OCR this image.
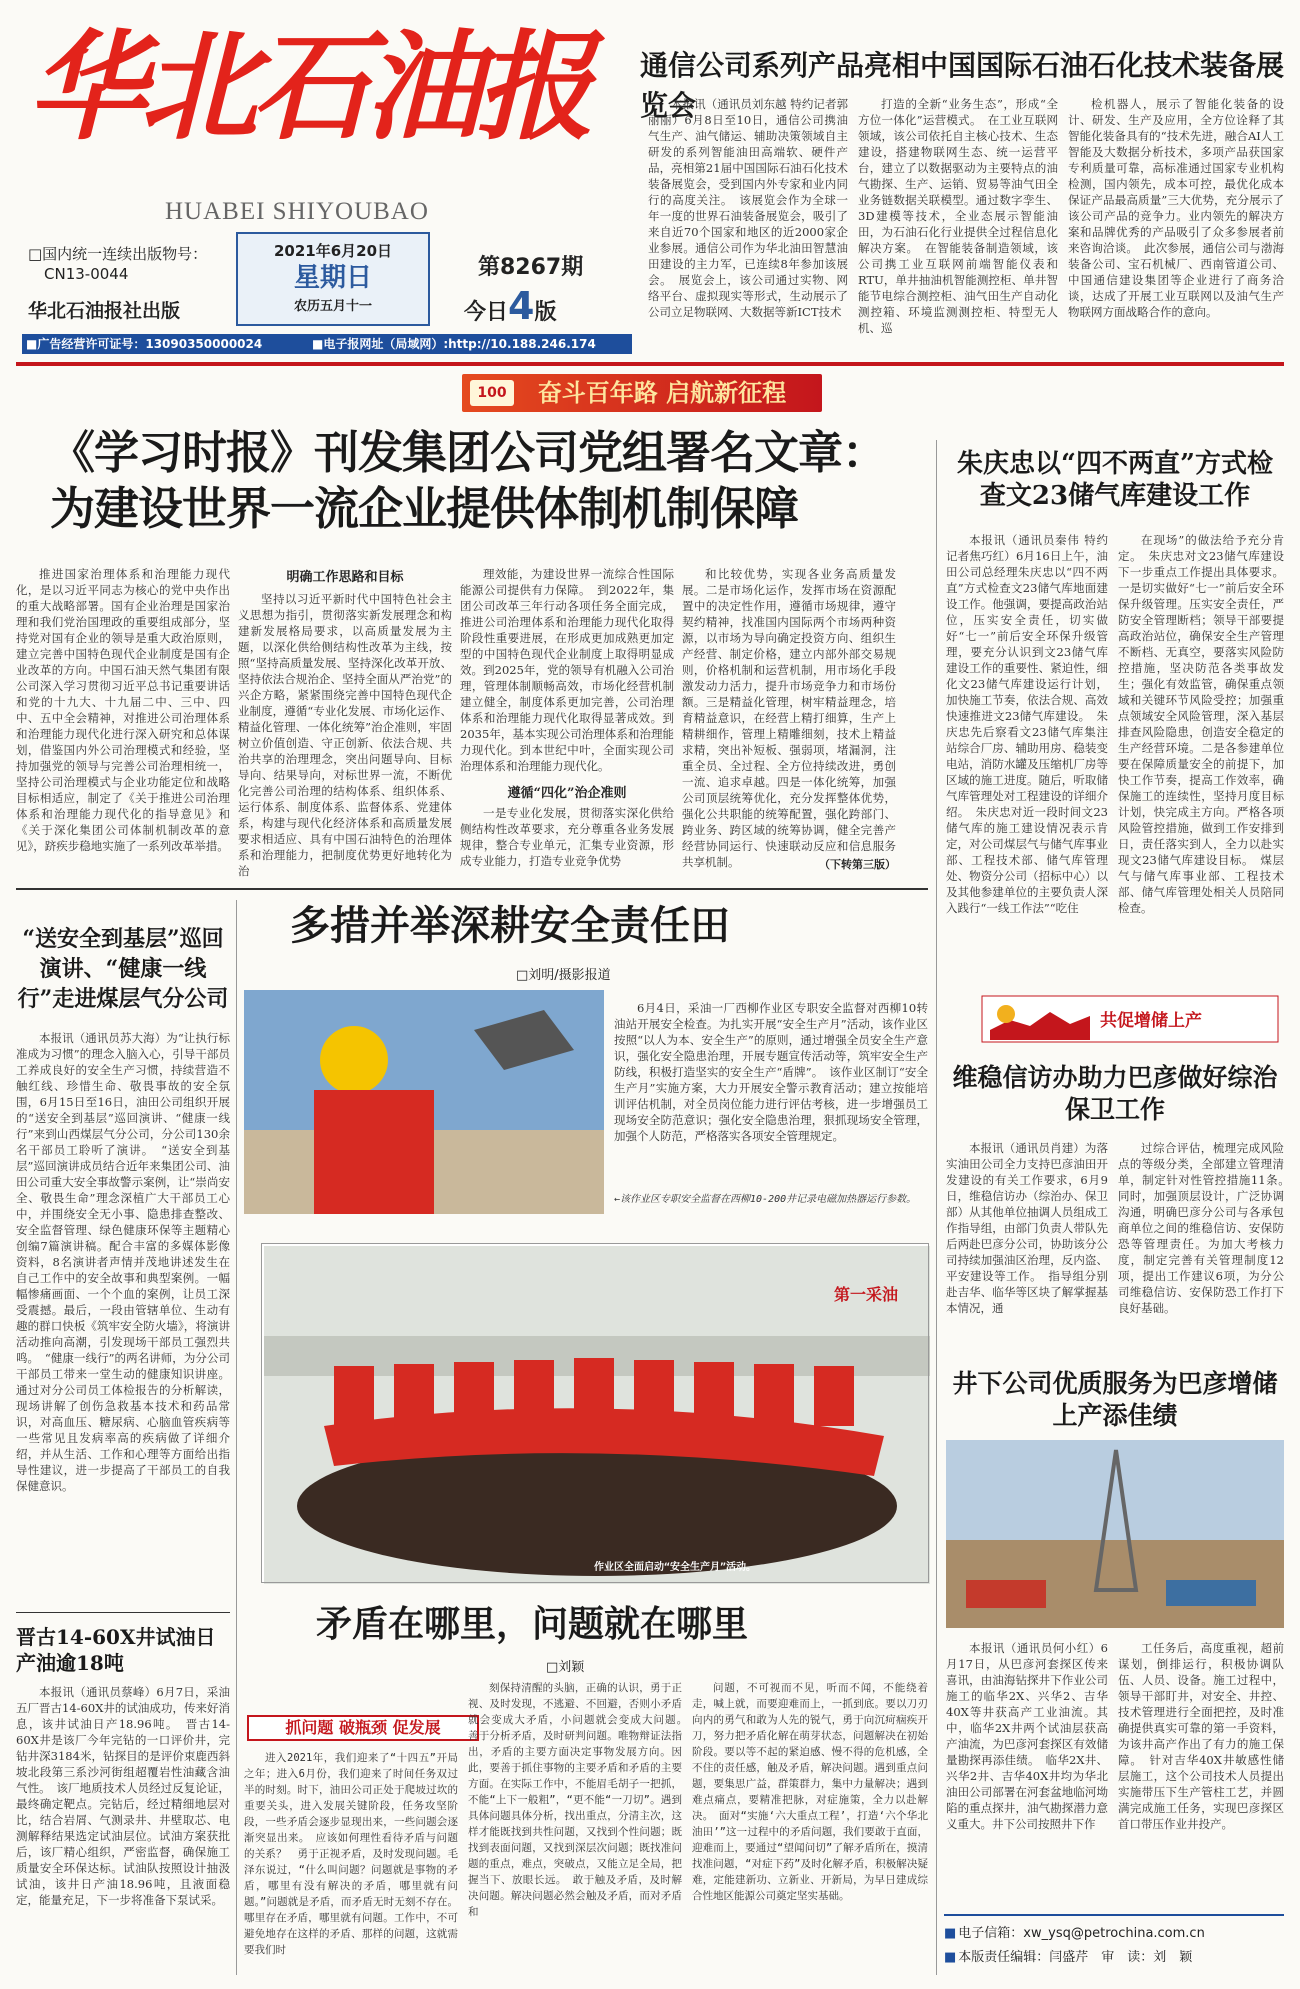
华北石油报
HUABEI SHIYOUBAO
□国内统一连续出版物号：
CN13-0044
华北石油报社出版
2021年6月20日
星期日
农历五月十一
第8267期
今日4版
■广告经营许可证号：13090350000024	■电子报网址（局域网）:http://10.188.246.174
通信公司系列产品亮相中国国际石油石化技术装备展览会

本报讯（通讯员刘东越 特约记者郭丽丽）6月8日至10日，通信公司携油气生产、油气储运、辅助决策领域自主研发的系列智能油田高端软、硬件产品，亮相第21届中国国际石油石化技术装备展览会，受到国内外专家和业内同行的高度关注。　该展览会作为全球一年一度的世界石油装备展览会，吸引了来自近70个国家和地区的近2000家企业参展。通信公司作为华北油田智慧油田建设的主力军，已连续8年参加该展会。　展览会上，该公司通过实物、网络平台、虚拟现实等形式，生动展示了公司立足物联网、大数据等新ICT技术

打造的全新“业务生态”，形成“全方位一体化”运营模式。　在工业互联网领域，该公司依托自主核心技术、生态建设，搭建物联网生态、统一运营平台，建立了以数据驱动为主要特点的油气勘探、生产、运销、贸易等油气田全业务链数据关联模型。通过数字孪生、3D建模等技术，全业态展示智能油田，为石油石化行业提供全过程信息化解决方案。　在智能装备制造领域，该公司携工业互联网前端智能仪表和RTU，单井抽油机智能测控柜、单井智能节电综合测控柜、油气田生产自动化测控箱、环境监测测控柜、特型无人机、巡

检机器人，展示了智能化装备的设计、研发、生产及应用，全方位诠释了其智能化装备具有的“技术先进，融合AI人工智能及大数据分析技术，多项产品获国家专利质量可靠，高标准通过国家专业机构检测，国内领先，成本可控，最优化成本保证产品最高质量”三大优势，充分展示了该公司产品的竞争力。业内领先的解决方案和品牌优秀的产品吸引了众多参展者前来咨询洽谈。　此次参展，通信公司与渤海装备公司、宝石机械厂、西南管道公司、中国通信建设集团等企业进行了商务洽谈，达成了开展工业互联网以及油气生产物联网方面战略合作的意向。

奋斗百年路 启航新征程
100
《学习时报》刊发集团公司党组署名文章：
为建设世界一流企业提供体制机制保障

推进国家治理体系和治理能力现代化，是以习近平同志为核心的党中央作出的重大战略部署。国有企业治理是国家治理和我们党治国理政的重要组成部分，坚持党对国有企业的领导是重大政治原则，建立完善中国特色现代企业制度是国有企业改革的方向。中国石油天然气集团有限公司深入学习贯彻习近平总书记重要讲话和党的十九大、十九届二中、三中、四中、五中全会精神，对推进公司治理体系和治理能力现代化进行深入研究和总体谋划，借鉴国内外公司治理模式和经验，坚持加强党的领导与完善公司治理相统一，坚持公司治理模式与企业功能定位和战略目标相适应，制定了《关于推进公司治理体系和治理能力现代化的指导意见》和《关于深化集团公司体制机制改革的意见》，跻疾步稳地实施了一系列改革举措。

明确工作思路和目标

坚持以习近平新时代中国特色社会主义思想为指引，贯彻落实新发展理念和构建新发展格局要求，以高质量发展为主题，以深化供给侧结构性改革为主线，按照“坚持高质量发展、坚持深化改革开放、坚持依法合规治企、坚持全面从严治党”的兴企方略，紧紧围绕完善中国特色现代企业制度，遵循“专业化发展、市场化运作、精益化管理、一体化统筹”治企准则，牢固树立价值创造、守正创新、依法合规、共治共享的治理理念，突出问题导向、目标导向、结果导向，对标世界一流，不断优化完善公司治理的结构体系、组织体系、运行体系、制度体系、监督体系、党建体系，构建与现代化经济体系和高质量发展要求相适应、具有中国石油特色的治理体系和治理能力，把制度优势更好地转化为治

理效能，为建设世界一流综合性国际能源公司提供有力保障。　到2022年，集团公司改革三年行动各项任务全面完成，推进公司治理体系和治理能力现代化取得阶段性重要进展，在形成更加成熟更加定型的中国特色现代企业制度上取得明显成效。到2025年，党的领导有机融入公司治理，管理体制顺畅高效，市场化经营机制建立健全，制度体系更加完善，公司治理体系和治理能力现代化取得显著成效。到2035年，基本实现公司治理体系和治理能力现代化。到本世纪中叶，全面实现公司治理体系和治理能力现代化。

遵循“四化”治企准则

一是专业化发展，贯彻落实深化供给侧结构性改革要求，充分尊重各业务发展规律，整合专业单元，汇集专业资源，形成专业能力，打造专业竞争优势

和比较优势，实现各业务高质量发展。二是市场化运作，发挥市场在资源配置中的决定性作用，遵循市场规律，遵守契约精神，找准国内国际两个市场两种资源，以市场为导向确定投资方向、组织生产经营、制定价格，建立内部外部交易规则，价格机制和运营机制，用市场化手段激发动力活力，提升市场竞争力和市场份额。三是精益化管理，树牢精益理念，培育精益意识，在经营上精打细算，生产上精耕细作，管理上精雕细刻，技术上精益求精，突出补短板、强弱项，堵漏洞，注重全员、全过程、全方位持续改进，勇创一流、追求卓越。四是一体化统筹，加强公司顶层统筹优化，充分发挥整体优势，强化公共职能的统筹配置，强化跨部门、跨业务、跨区域的统筹协调，健全完善产经营协同运行、快速联动反应和信息服务共享机制。	（下转第三版）
朱庆忠以“四不两直”方式检查文23储气库建设工作

本报讯（通讯员秦伟 特约记者焦巧红）6月16日上午，油田公司总经理朱庆忠以“四不两直”方式检查文23储气库地面建设工作。他强调，要提高政治站位，压实安全责任，切实做好“七一”前后安全环保升级管理，要充分认识到文23储气库建设工作的重要性、紧迫性，细化文23储气库建设运行计划，加快施工节奏，依法合规、高效快速推进文23储气库建设。　朱庆忠先后察看文23储气库集注站综合厂房、辅助用房、稳装变电站，消防水罐及压缩机厂房等区域的施工进度。随后，听取储气库管理处对工程建设的详细介绍。　朱庆忠对近一段时间文23储气库的施工建设情况表示肯定，对公司煤层气与储气库事业部、工程技术部、储气库管理处、物资分公司（招标中心）以及其他参建单位的主要负责人深入践行“一线工作法”“吃住

在现场”的做法给予充分肯定。　朱庆忠对文23储气库建设下一步重点工作提出具体要求。一是切实做好“七一”前后安全环保升级管理。压实安全责任，严防安全管理断档；领导干部要提高政治站位，确保安全生产管理不断档、无真空，要落实风险防控措施，坚决防范各类事故发生；强化有效监管，确保重点领域和关键环节风险受控；加强重点领域安全风险管理，深入基层排查风险隐患，创造安全稳定的生产经营环境。二是各参建单位要在保障质量安全的前提下，加快工作节奏，提高工作效率，确保施工的连续性，坚持月度目标计划，快完成主方向。严格各项风险管控措施，做到工作安排到日，责任落实到人，全力以赴实现文23储气库建设目标。　煤层气与储气库事业部、工程技术部、储气库管理处相关人员陪同检查。

共促增储上产
维稳信访办助力巴彦做好综治保卫工作

本报讯（通讯员肖建）为落实油田公司全力支持巴彦油田开发建设的有关工作要求，6月9日，维稳信访办（综治办、保卫部）从其他单位抽调人员组成工作指导组，由部门负责人带队先后两赴巴彦分公司，协助该分公司持续加强油区治理，反内盗、平安建设等工作。　指导组分别赴吉华、临华等区块了解掌握基本情况，通

过综合评估，梳理完成风险点的等级分类，全部建立管理清单，制定针对性管控措施11条。　同时，加强顶层设计，广泛协调沟通，明确巴彦分公司与各承包商单位之间的维稳信访、安保防恐等管理责任。为加大考核力度，制定完善有关管理制度12项，提出工作建议6项，为分公司维稳信访、安保防恐工作打下良好基础。

井下公司优质服务为巴彦增储上产添佳绩

本报讯（通讯员何小红）6月17日，从巴彦河套探区传来喜讯，由油海钻探井下作业公司施工的临华2X、兴华2、吉华40X等井获高产工业油流。其中，临华2X井两个试油层获高产油流，为巴彦河套探区有效储量勘探再添佳绩。　临华2X井、兴华2井、吉华40X井均为华北油田公司部署在河套盆地临河坳陷的重点探井，油气勘探潜力意义重大。井下公司按照井下作

工任务后，高度重视，超前谋划，倒排运行，积极协调队伍、人员、设备。施工过程中，领导干部盯井，对安全、井控、技术管理进行全面把控，及时准确提供真实可靠的第一手资料，为该井高产作出了有力的施工保障。　针对吉华40X井敏感性储层施工，这个公司技术人员提出实施带压下生产管柱工艺，并圆满完成施工任务，实现巴彦探区首口带压作业井投产。

■ 电子信箱：xw_ysq@petrochina.com.cn
■ 本版责任编辑：闫盛芹　审　读：刘　颖
“送安全到基层”巡回演讲、“健康一线行”走进煤层气分公司

本报讯（通讯员苏大海）为“让执行标准成为习惯”的理念入脑入心，引导干部员工养成良好的安全生产习惯，持续营造不触红线、珍惜生命、敬畏事故的安全氛围，6月15日至16日，油田公司组织开展的“送安全到基层”巡回演讲、“健康一线行”来到山西煤层气分公司，分公司130余名干部员工聆听了演讲。　“送安全到基层”巡回演讲成员结合近年来集团公司、油田公司重大安全事故警示案例，让“崇尚安全、敬畏生命”理念深植广大干部员工心中，并围绕安全无小事、隐患排查整改、安全监督管理、绿色健康环保等主题精心创编7篇演讲稿。配合丰富的多媒体影像资料，8名演讲者声情并茂地讲述发生在自己工作中的安全故事和典型案例。一幅幅惨痛画面、一个个血的案例，让员工深受震撼。最后，一段由管辖单位、生动有趣的群口快板《筑牢安全防火墙》，将演讲活动推向高潮，引发现场干部员工强烈共鸣。　“健康一线行”的两名讲师，为分公司干部员工带来一堂生动的健康知识讲座。通过对分公司员工体检报告的分析解读，现场讲解了创伤急救基本技术和药品常识，对高血压、糖尿病、心脑血管疾病等一些常见且发病率高的疾病做了详细介绍，并从生活、工作和心理等方面给出指导性建议，进一步提高了干部员工的自我保健意识。

多措并举深耕安全责任田
□刘明/摄影报道

6月4日，采油一厂西柳作业区专职安全监督对西柳10转油站开展安全检查。为扎实开展“安全生产月”活动，该作业区按照“以人为本、安全生产”的原则，通过增强全员安全生产意识，强化安全隐患治理，开展专题宣传活动等，筑牢安全生产防线，积极打造坚实的安全生产“盾牌”。　该作业区制订“安全生产月”实施方案，大力开展安全警示教育活动；建立按能培训评估机制，对全员岗位能力进行评估考核，进一步增强员工现场安全防范意识；强化安全隐患治理，狠抓现场安全管理，加强个人防范，严格落实各项安全管理规定。

←该作业区专职安全监督在西柳10-200井记录电磁加热器运行参数。
第一采油
作业区全面启动“安全生产月”活动。
晋古14-60X井试油日产油逾18吨

本报讯（通讯员蔡峰）6月7日，采油五厂晋古14-60X井的试油成功，传来好消息，该井试油日产18.96吨。　晋古14-60X井是该厂今年完钻的一口评价井，完钻井深3184米，钻探目的是评价束鹿西斜坡北段第三系沙河街组超覆岩性油藏含油气性。　该厂地质技术人员经过反复论证，最终确定靶点。完钻后，经过精细地层对比，结合岩屑、气测录井、井壁取芯、电测解释结果选定试油层位。试油方案获批后，该厂精心组织，严密监督，确保施工质量安全环保达标。试油队按照设计抽汲试油，该井日产油18.96吨，且液面稳定，能量充足，下一步将准备下泵试采。

矛盾在哪里，问题就在哪里
□刘颖
抓问题 破瓶颈 促发展

进入2021年，我们迎来了“十四五”开局之年；进入6月份，我们迎来了时间任务双过半的时刻。时下，油田公司正处于爬坡过坎的重要关头，进入发展关键阶段，任务攻坚阶段，一些矛盾会逐步显现出来，一些问题会逐渐突显出来。　应该如何理性看待矛盾与问题的关系？　勇于正视矛盾，及时发现问题。毛泽东说过，“什么叫问题？问题就是事物的矛盾，哪里有没有解决的矛盾，哪里就有问题。”问题就是矛盾，而矛盾无时无刻不存在。哪里存在矛盾，哪里就有问题。工作中，不可避免地存在这样的矛盾、那样的问题，这就需要我们时

刻保持清醒的头脑，正确的认识，勇于正视、及时发现，不逃避、不回避，否则小矛盾就会变成大矛盾，小问题就会变成大问题。　善于分析矛盾，及时研判问题。唯物辩证法指出，矛盾的主要方面决定事物发展方向。因此，要善于抓住事物的主要矛盾和矛盾的主要方面。在实际工作中，不能眉毛胡子一把抓，不能“上下一般粗”，“更不能“一刀切”。遇到具体问题具体分析，找出重点，分清主次，这样才能既找到共性问题，又找到个性问题；既找到表面问题，又找到深层次问题；既找准问题的重点，难点，突破点，又能立足全局，把握当下、放眼长远。　敢于触及矛盾，及时解决问题。解决问题必然会触及矛盾，而对矛盾和

问题，不可视而不见，听而不闻，不能绕着走，喊上就，而要迎难而上，一抓到底。要以刀刃向内的勇气和敢为人先的锐气，勇于向沉疴痼疾开刀，努力把矛盾化解在萌芽状态，问题解决在初始阶段。要以等不起的紧迫感、慢不得的危机感，全不住的责任感，触及矛盾，解决问题。遇到重点问题，要集思广益，群策群力，集中力量解决；遇到难点痛点，要精准把脉，对症施策，全力以赴解决。　面对“实施‘六大重点工程’，打造‘六个华北油田’”这一过程中的矛盾问题，我们要敢于直面，迎难而上，要通过“望闻问切”了解矛盾所在，摸清找准问题，“对症下药”及时化解矛盾，积极解决疑难，定能建新功、立新业、开新局，为早日建成综合性地区能源公司奠定坚实基础。
